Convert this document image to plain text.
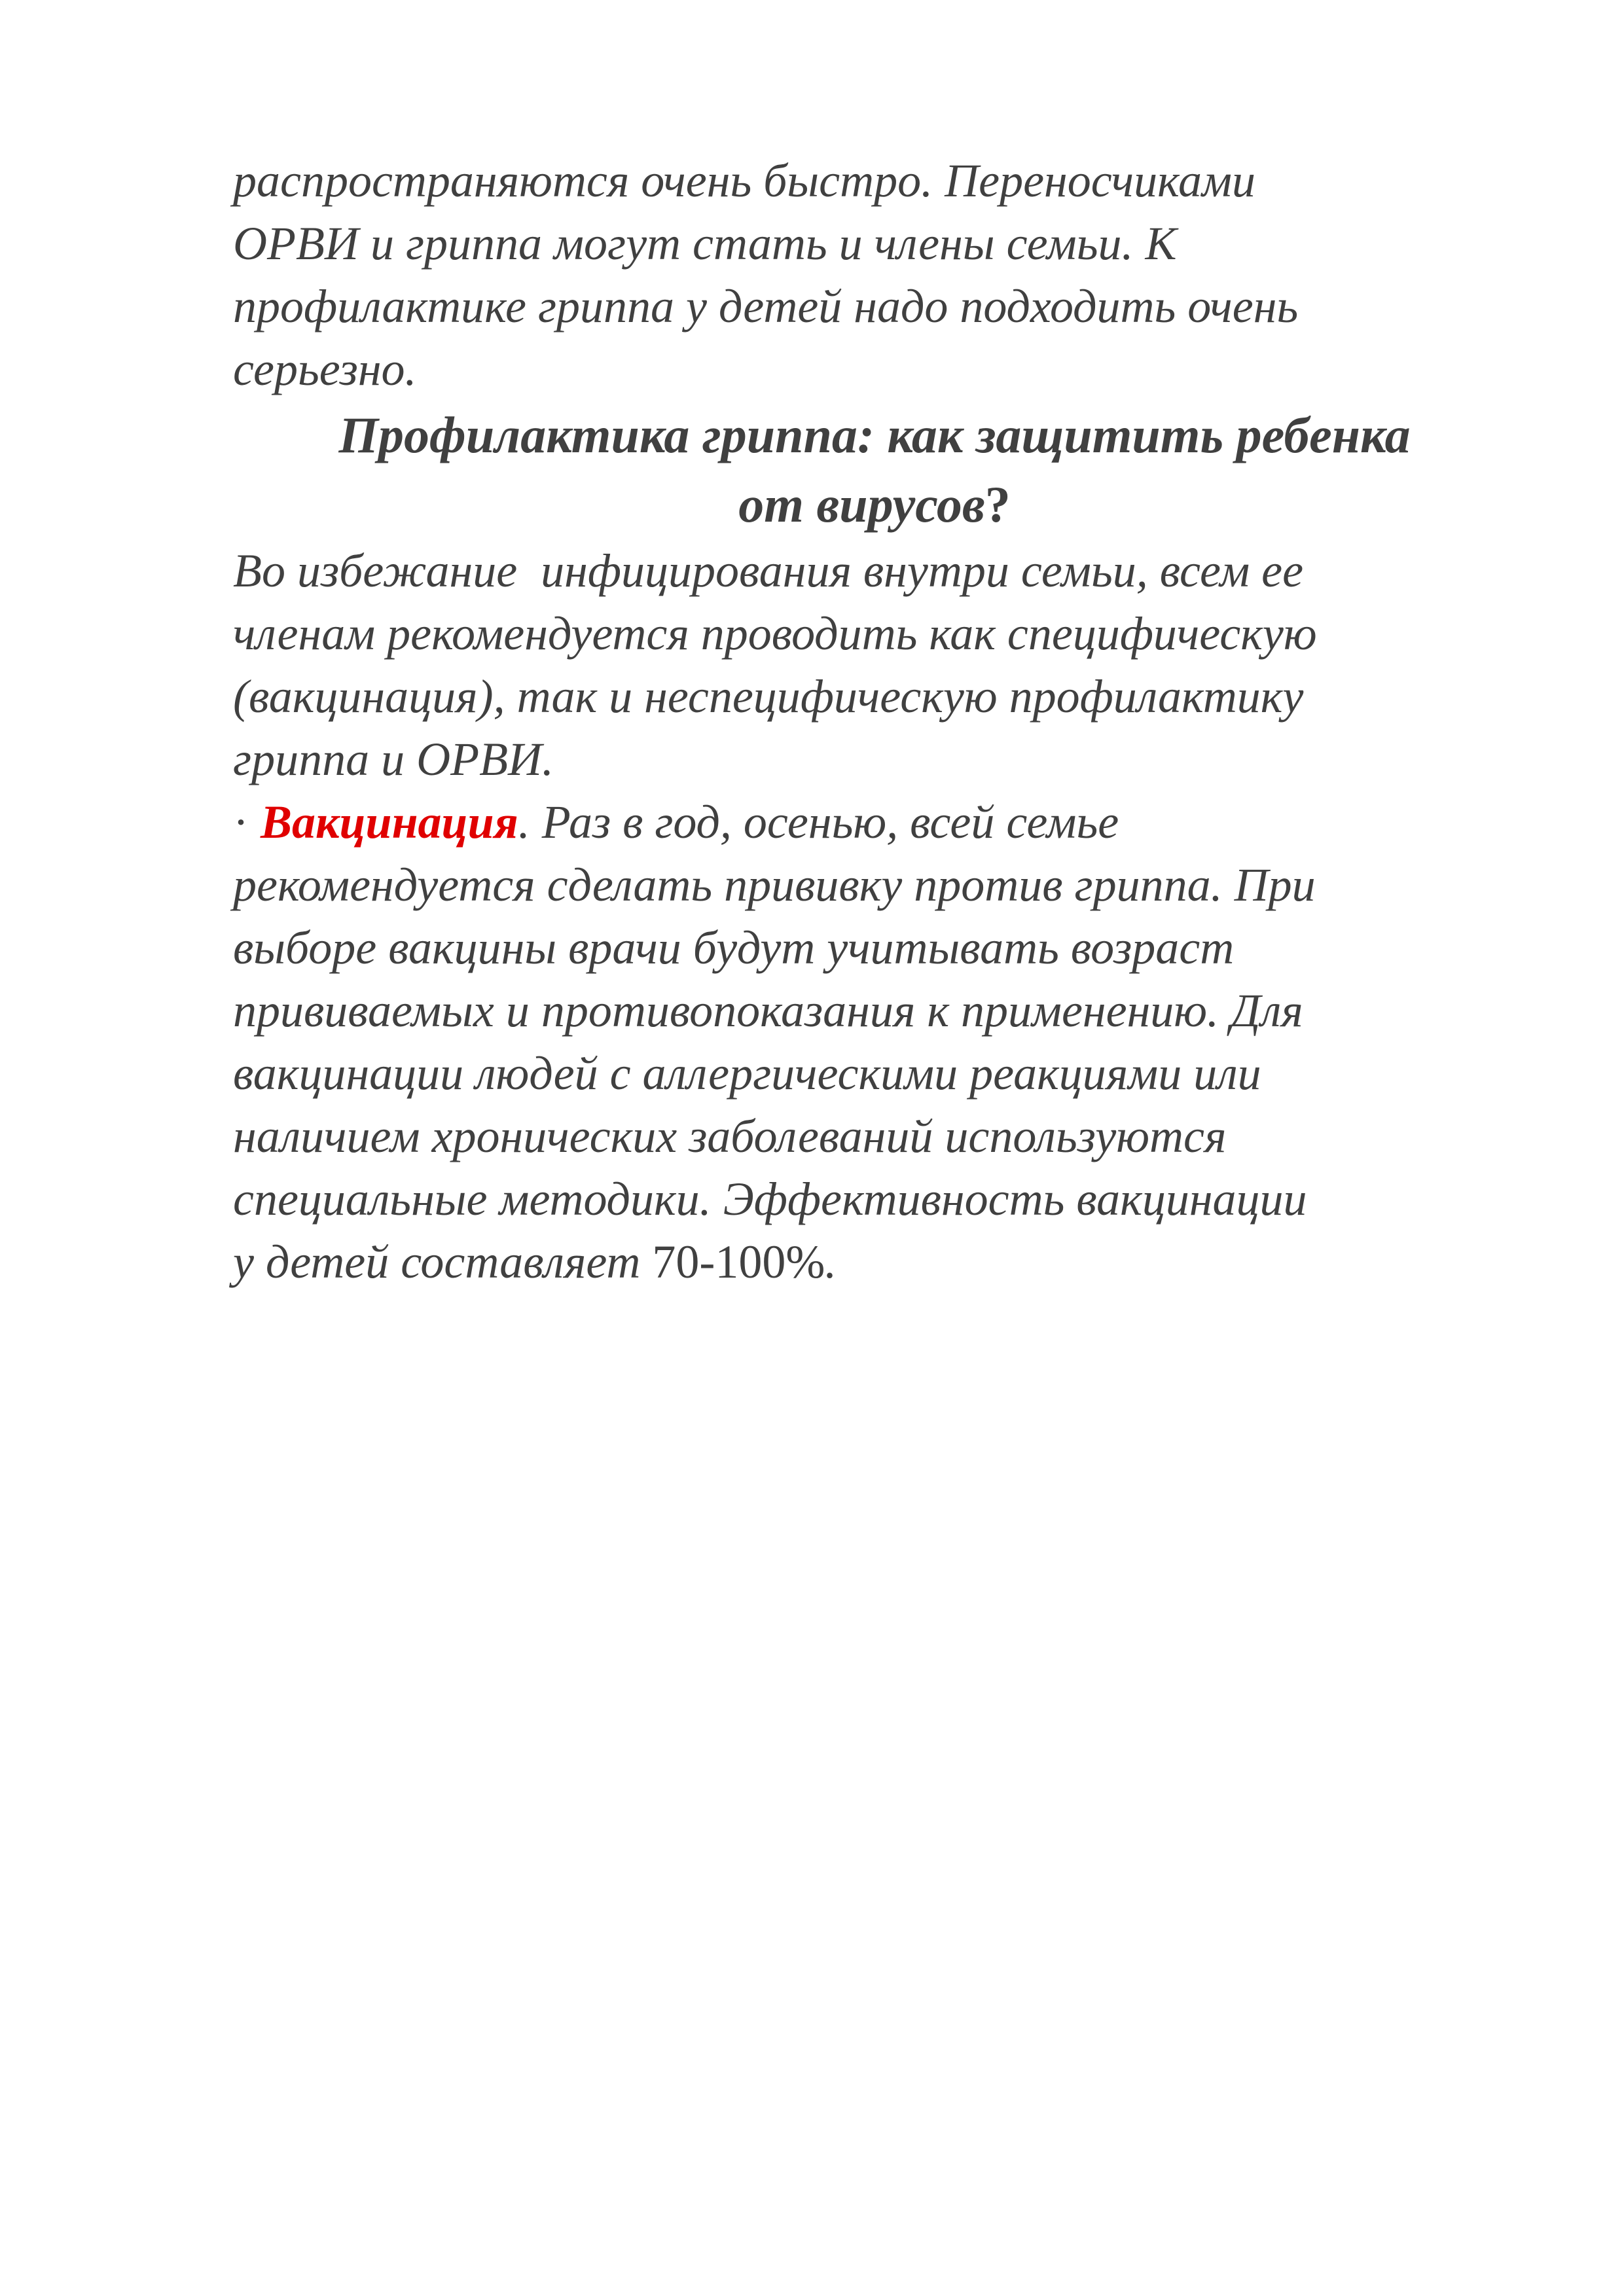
распространяются очень быстро. Переносчиками
ОРВИ и гриппа могут стать и члены семьи. К
профилактике гриппа у детей надо подходить очень
серьезно.
Профилактика гриппа: как защитить ребенка
от вирусов?
Во избежание  инфицирования внутри семьи, всем ее
членам рекомендуется проводить как специфическую
(вакцинация), так и неспецифическую профилактику
гриппа и ОРВИ.
· Вакцинация. Раз в год, осенью, всей семье
рекомендуется сделать прививку против гриппа. При
выборе вакцины врачи будут учитывать возраст
прививаемых и противопоказания к применению. Для
вакцинации людей с аллергическими реакциями или
наличием хронических заболеваний используются
специальные методики. Эффективность вакцинации
у детей составляет 70-100%.
